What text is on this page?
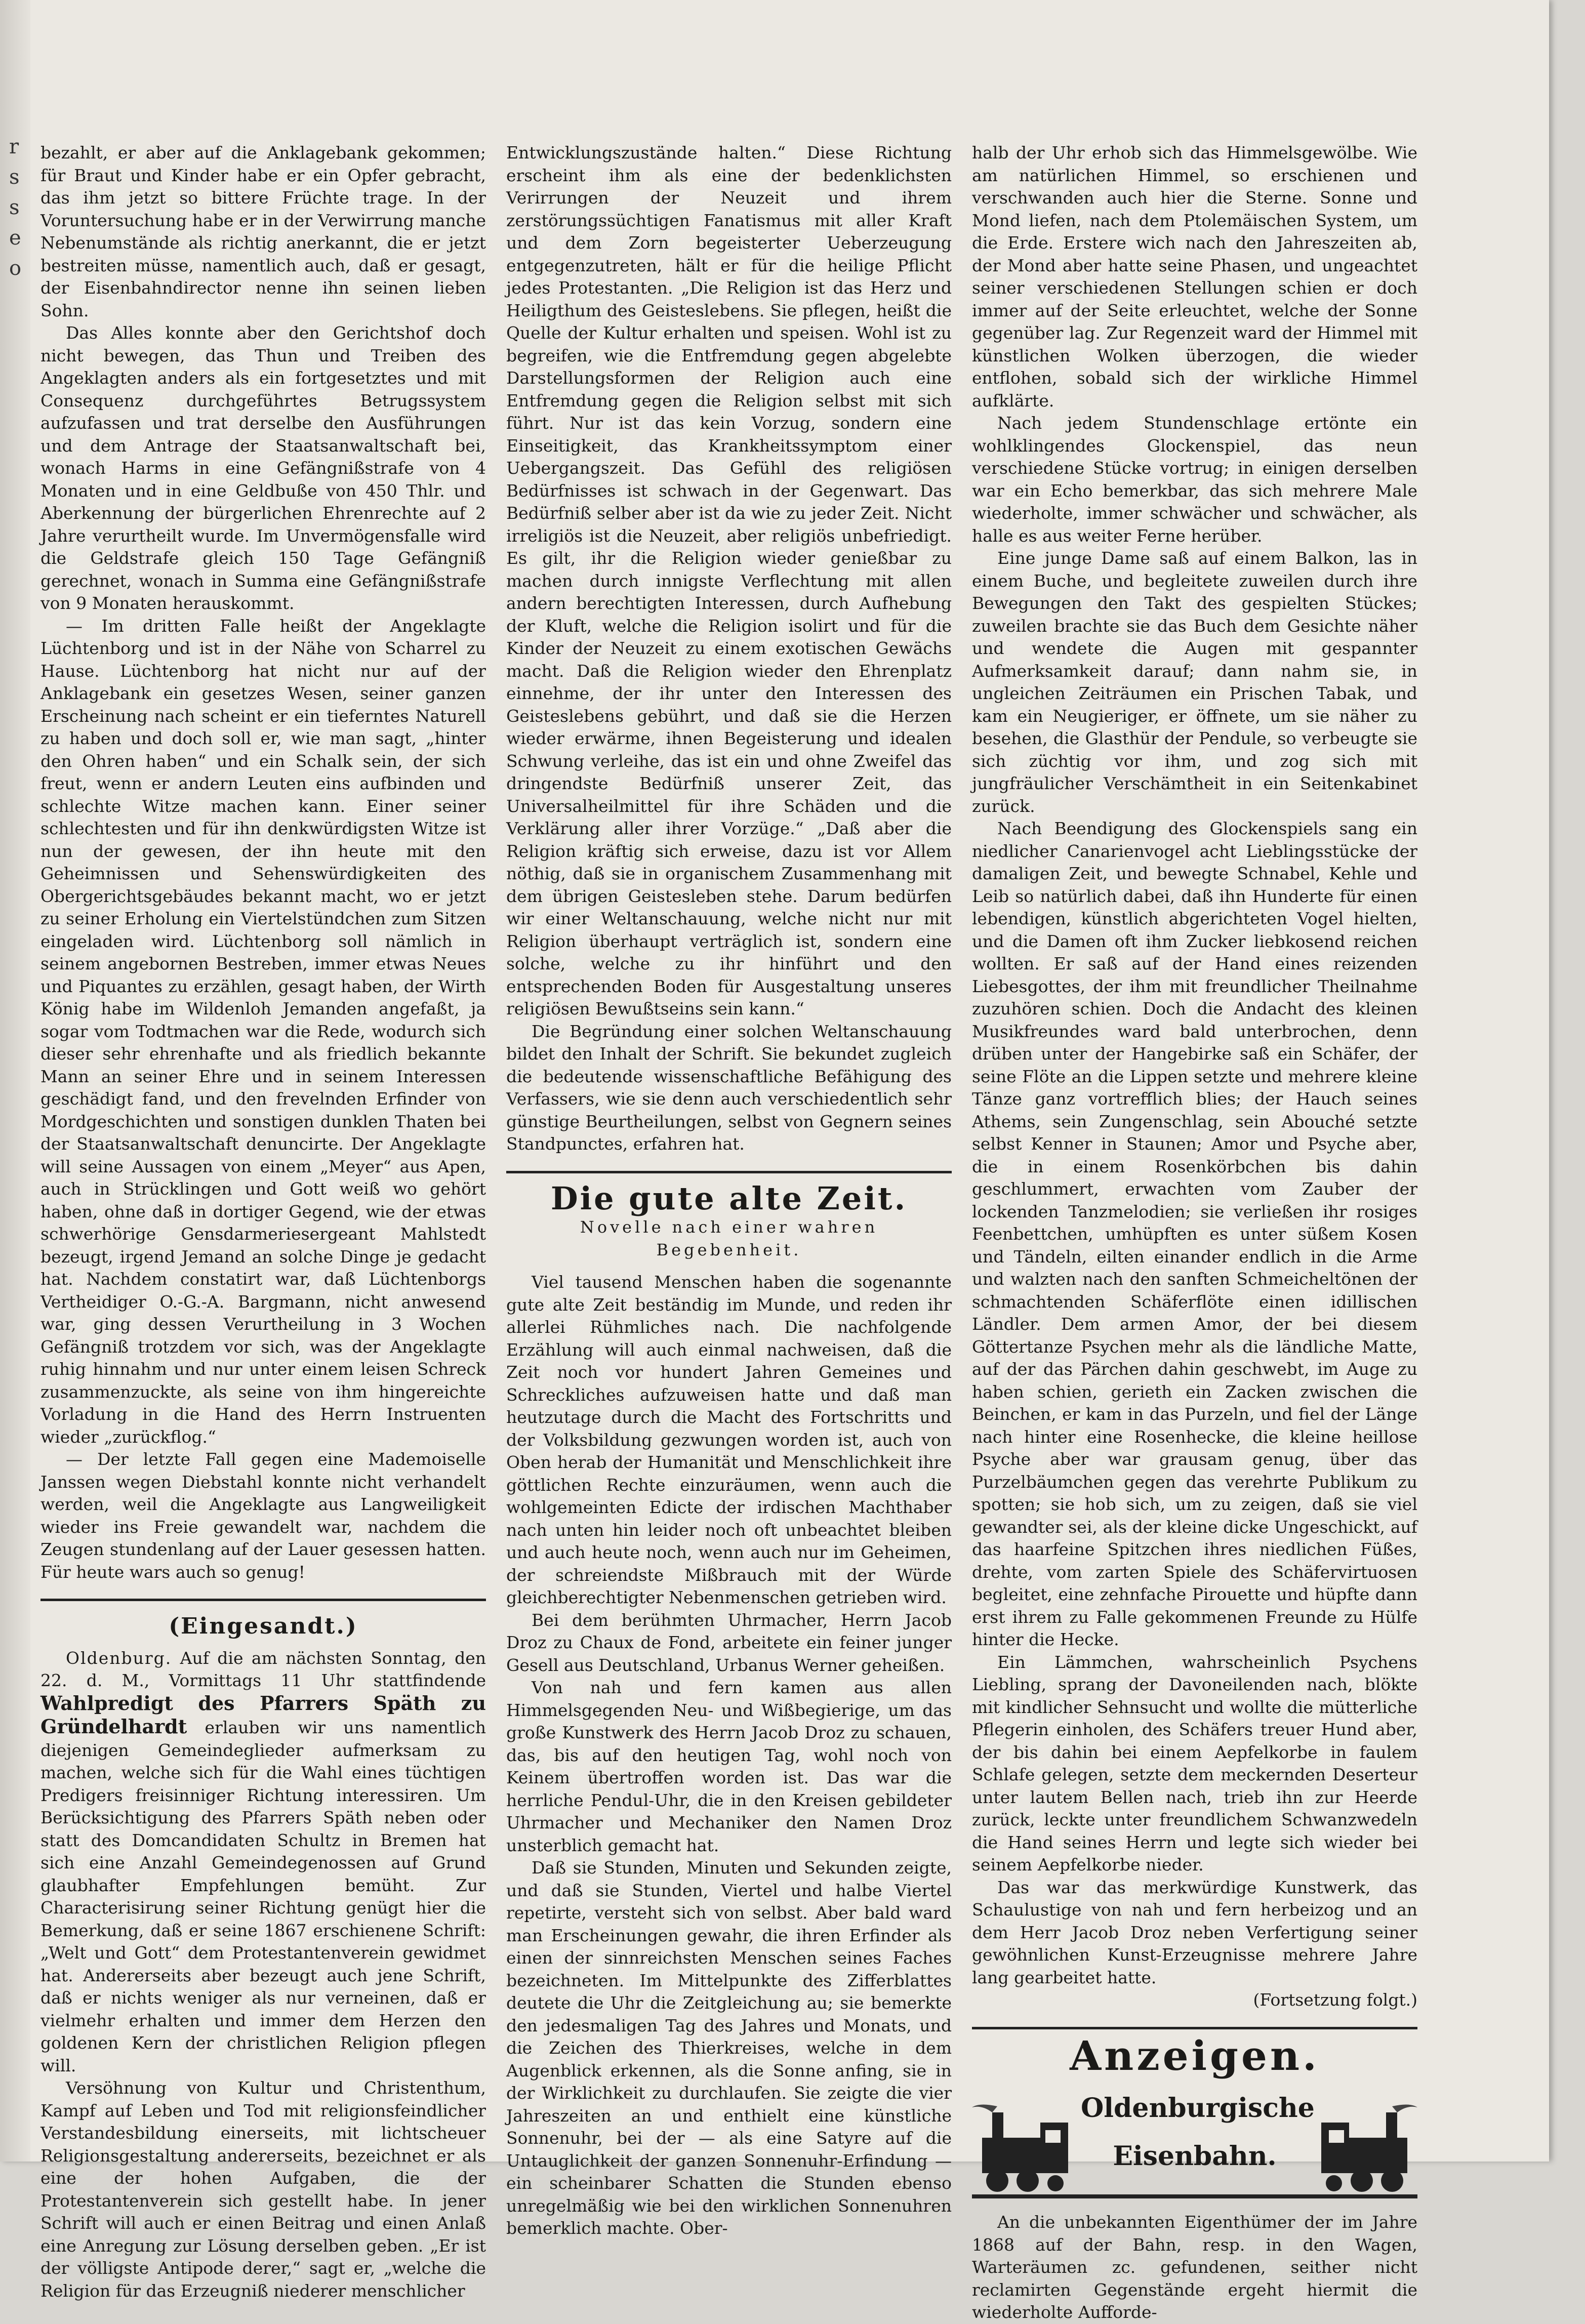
r
s
s
e
o

bezahlt, er aber auf die Anklagebank gekommen; für Braut und Kinder habe er ein Opfer gebracht, das ihm jetzt so bittere Früchte trage. In der Voruntersuchung habe er in der Verwirrung manche Nebenumstände als richtig anerkannt, die er jetzt bestreiten müsse, namentlich auch, daß er gesagt, der Eisenbahndirector nenne ihn seinen lieben Sohn.

Das Alles konnte aber den Gerichtshof doch nicht bewegen, das Thun und Treiben des Angeklagten anders als ein fortgesetztes und mit Consequenz durchgeführtes Betrugssystem aufzufassen und trat derselbe den Ausführungen und dem Antrage der Staatsanwaltschaft bei, wonach Harms in eine Gefängnißstrafe von 4 Monaten und in eine Geldbuße von 450 Thlr. und Aberkennung der bürgerlichen Ehrenrechte auf 2 Jahre verurtheilt wurde. Im Unvermögensfalle wird die Geldstrafe gleich 150 Tage Gefängniß gerechnet, wonach in Summa eine Gefängnißstrafe von 9 Monaten herauskommt.

— Im dritten Falle heißt der Angeklagte Lüchtenborg und ist in der Nähe von Scharrel zu Hause. Lüchtenborg hat nicht nur auf der Anklagebank ein gesetzes Wesen, seiner ganzen Erscheinung nach scheint er ein tieferntes Naturell zu haben und doch soll er, wie man sagt, „hinter den Ohren haben“ und ein Schalk sein, der sich freut, wenn er andern Leuten eins aufbinden und schlechte Witze machen kann. Einer seiner schlechtesten und für ihn denkwürdigsten Witze ist nun der gewesen, der ihn heute mit den Geheimnissen und Sehenswürdigkeiten des Obergerichtsgebäudes bekannt macht, wo er jetzt zu seiner Erholung ein Viertelstündchen zum Sitzen eingeladen wird. Lüchtenborg soll nämlich in seinem angebornen Bestreben, immer etwas Neues und Piquantes zu erzählen, gesagt haben, der Wirth König habe im Wildenloh Jemanden angefaßt, ja sogar vom Todtmachen war die Rede, wodurch sich dieser sehr ehrenhafte und als friedlich bekannte Mann an seiner Ehre und in seinem Interessen geschädigt fand, und den frevelnden Erfinder von Mordgeschichten und sonstigen dunklen Thaten bei der Staatsanwaltschaft denuncirte. Der Angeklagte will seine Aussagen von einem „Meyer“ aus Apen, auch in Strücklingen und Gott weiß wo gehört haben, ohne daß in dortiger Gegend, wie der etwas schwerhörige Gensdarmeriesergeant Mahlstedt bezeugt, irgend Jemand an solche Dinge je gedacht hat. Nachdem constatirt war, daß Lüchtenborgs Vertheidiger O.-G.-A. Bargmann, nicht anwesend war, ging dessen Verurtheilung in 3 Wochen Gefängniß trotzdem vor sich, was der Angeklagte ruhig hinnahm und nur unter einem leisen Schreck zusammenzuckte, als seine von ihm hingereichte Vorladung in die Hand des Herrn Instruenten wieder „zurückflog.“

— Der letzte Fall gegen eine Mademoiselle Janssen wegen Diebstahl konnte nicht verhandelt werden, weil die Angeklagte aus Langweiligkeit wieder ins Freie gewandelt war, nachdem die Zeugen stundenlang auf der Lauer gesessen hatten. Für heute wars auch so genug!

(Eingesandt.)

Oldenburg. Auf die am nächsten Sonntag, den 22. d. M., Vormittags 11 Uhr stattfindende Wahlpredigt des Pfarrers Späth zu Gründelhardt erlauben wir uns namentlich diejenigen Gemeindeglieder aufmerksam zu machen, welche sich für die Wahl eines tüchtigen Predigers freisinniger Richtung interessiren. Um Berücksichtigung des Pfarrers Späth neben oder statt des Domcandidaten Schultz in Bremen hat sich eine Anzahl Gemeindegenossen auf Grund glaubhafter Empfehlungen bemüht. Zur Characterisirung seiner Richtung genügt hier die Bemerkung, daß er seine 1867 erschienene Schrift: „Welt und Gott“ dem Protestantenverein gewidmet hat. Andererseits aber bezeugt auch jene Schrift, daß er nichts weniger als nur verneinen, daß er vielmehr erhalten und immer dem Herzen den goldenen Kern der christlichen Religion pflegen will.

Versöhnung von Kultur und Christenthum, Kampf auf Leben und Tod mit religionsfeindlicher Verstandesbildung einerseits, mit lichtscheuer Religionsgestaltung andererseits, bezeichnet er als eine der hohen Aufgaben, die der Protestantenverein sich gestellt habe. In jener Schrift will auch er einen Beitrag und einen Anlaß eine Anregung zur Lösung derselben geben. „Er ist der völligste Antipode derer,“ sagt er, „welche die Religion für das Erzeugniß niederer menschlicher

Entwicklungszustände halten.“ Diese Richtung erscheint ihm als eine der bedenklichsten Verirrungen der Neuzeit und ihrem zerstörungssüchtigen Fanatismus mit aller Kraft und dem Zorn begeisterter Ueberzeugung entgegenzutreten, hält er für die heilige Pflicht jedes Protestanten. „Die Religion ist das Herz und Heiligthum des Geisteslebens. Sie pflegen, heißt die Quelle der Kultur erhalten und speisen. Wohl ist zu begreifen, wie die Entfremdung gegen abgelebte Darstellungsformen der Religion auch eine Entfremdung gegen die Religion selbst mit sich führt. Nur ist das kein Vorzug, sondern eine Einseitigkeit, das Krankheitssymptom einer Uebergangszeit. Das Gefühl des religiösen Bedürfnisses ist schwach in der Gegenwart. Das Bedürfniß selber aber ist da wie zu jeder Zeit. Nicht irreligiös ist die Neuzeit, aber religiös unbefriedigt. Es gilt, ihr die Religion wieder genießbar zu machen durch innigste Verflechtung mit allen andern berechtigten Interessen, durch Aufhebung der Kluft, welche die Religion isolirt und für die Kinder der Neuzeit zu einem exotischen Gewächs macht. Daß die Religion wieder den Ehrenplatz einnehme, der ihr unter den Interessen des Geisteslebens gebührt, und daß sie die Herzen wieder erwärme, ihnen Begeisterung und idealen Schwung verleihe, das ist ein und ohne Zweifel das dringendste Bedürfniß unserer Zeit, das Universalheilmittel für ihre Schäden und die Verklärung aller ihrer Vorzüge.“ „Daß aber die Religion kräftig sich erweise, dazu ist vor Allem nöthig, daß sie in organischem Zusammenhang mit dem übrigen Geistesleben stehe. Darum bedürfen wir einer Weltanschauung, welche nicht nur mit Religion überhaupt verträglich ist, sondern eine solche, welche zu ihr hinführt und den entsprechenden Boden für Ausgestaltung unseres religiösen Bewußtseins sein kann.“

Die Begründung einer solchen Weltanschauung bildet den Inhalt der Schrift. Sie bekundet zugleich die bedeutende wissenschaftliche Befähigung des Verfassers, wie sie denn auch verschiedentlich sehr günstige Beurtheilungen, selbst von Gegnern seines Standpunctes, erfahren hat.

Die gute alte Zeit.
Novelle nach einer wahren Begebenheit.

Viel tausend Menschen haben die sogenannte gute alte Zeit beständig im Munde, und reden ihr allerlei Rühmliches nach. Die nachfolgende Erzählung will auch einmal nachweisen, daß die Zeit noch vor hundert Jahren Gemeines und Schreckliches aufzuweisen hatte und daß man heutzutage durch die Macht des Fortschritts und der Volksbildung gezwungen worden ist, auch von Oben herab der Humanität und Menschlichkeit ihre göttlichen Rechte einzuräumen, wenn auch die wohlgemeinten Edicte der irdischen Machthaber nach unten hin leider noch oft unbeachtet bleiben und auch heute noch, wenn auch nur im Geheimen, der schreiendste Mißbrauch mit der Würde gleichberechtigter Nebenmenschen getrieben wird.

Bei dem berühmten Uhrmacher, Herrn Jacob Droz zu Chaux de Fond, arbeitete ein feiner junger Gesell aus Deutschland, Urbanus Werner geheißen.

Von nah und fern kamen aus allen Himmelsgegenden Neu- und Wißbegierige, um das große Kunstwerk des Herrn Jacob Droz zu schauen, das, bis auf den heutigen Tag, wohl noch von Keinem übertroffen worden ist. Das war die herrliche Pendul-Uhr, die in den Kreisen gebildeter Uhrmacher und Mechaniker den Namen Droz unsterblich gemacht hat.

Daß sie Stunden, Minuten und Sekunden zeigte, und daß sie Stunden, Viertel und halbe Viertel repetirte, versteht sich von selbst. Aber bald ward man Erscheinungen gewahr, die ihren Erfinder als einen der sinnreichsten Menschen seines Faches bezeichneten. Im Mittelpunkte des Zifferblattes deutete die Uhr die Zeitgleichung au; sie bemerkte den jedesmaligen Tag des Jahres und Monats, und die Zeichen des Thierkreises, welche in dem Augenblick erkennen, als die Sonne anfing, sie in der Wirklichkeit zu durchlaufen. Sie zeigte die vier Jahreszeiten an und enthielt eine künstliche Sonnenuhr, bei der — als eine Satyre auf die Untauglichkeit der ganzen Sonnenuhr-Erfindung — ein scheinbarer Schatten die Stunden ebenso unregelmäßig wie bei den wirklichen Sonnenuhren bemerklich machte. Ober-

halb der Uhr erhob sich das Himmelsgewölbe. Wie am natürlichen Himmel, so erschienen und verschwanden auch hier die Sterne. Sonne und Mond liefen, nach dem Ptolemäischen System, um die Erde. Erstere wich nach den Jahreszeiten ab, der Mond aber hatte seine Phasen, und ungeachtet seiner verschiedenen Stellungen schien er doch immer auf der Seite erleuchtet, welche der Sonne gegenüber lag. Zur Regenzeit ward der Himmel mit künstlichen Wolken überzogen, die wieder entflohen, sobald sich der wirkliche Himmel aufklärte.

Nach jedem Stundenschlage ertönte ein wohlklingendes Glockenspiel, das neun verschiedene Stücke vortrug; in einigen derselben war ein Echo bemerkbar, das sich mehrere Male wiederholte, immer schwächer und schwächer, als halle es aus weiter Ferne herüber.

Eine junge Dame saß auf einem Balkon, las in einem Buche, und begleitete zuweilen durch ihre Bewegungen den Takt des gespielten Stückes; zuweilen brachte sie das Buch dem Gesichte näher und wendete die Augen mit gespannter Aufmerksamkeit darauf; dann nahm sie, in ungleichen Zeiträumen ein Prischen Tabak, und kam ein Neugieriger, er öffnete, um sie näher zu besehen, die Glasthür der Pendule, so verbeugte sie sich züchtig vor ihm, und zog sich mit jungfräulicher Verschämtheit in ein Seitenkabinet zurück.

Nach Beendigung des Glockenspiels sang ein niedlicher Canarienvogel acht Lieblingsstücke der damaligen Zeit, und bewegte Schnabel, Kehle und Leib so natürlich dabei, daß ihn Hunderte für einen lebendigen, künstlich abgerichteten Vogel hielten, und die Damen oft ihm Zucker liebkosend reichen wollten. Er saß auf der Hand eines reizenden Liebesgottes, der ihm mit freundlicher Theilnahme zuzuhören schien. Doch die Andacht des kleinen Musikfreundes ward bald unterbrochen, denn drüben unter der Hangebirke saß ein Schäfer, der seine Flöte an die Lippen setzte und mehrere kleine Tänze ganz vortrefflich blies; der Hauch seines Athems, sein Zungenschlag, sein Abouché setzte selbst Kenner in Staunen; Amor und Psyche aber, die in einem Rosenkörbchen bis dahin geschlummert, erwachten vom Zauber der lockenden Tanzmelodien; sie verließen ihr rosiges Feenbettchen, umhüpften es unter süßem Kosen und Tändeln, eilten einander endlich in die Arme und walzten nach den sanften Schmeicheltönen der schmachtenden Schäferflöte einen idillischen Ländler. Dem armen Amor, der bei diesem Göttertanze Psychen mehr als die ländliche Matte, auf der das Pärchen dahin geschwebt, im Auge zu haben schien, gerieth ein Zacken zwischen die Beinchen, er kam in das Purzeln, und fiel der Länge nach hinter eine Rosenhecke, die kleine heillose Psyche aber war grausam genug, über das Purzelbäumchen gegen das verehrte Publikum zu spotten; sie hob sich, um zu zeigen, daß sie viel gewandter sei, als der kleine dicke Ungeschickt, auf das haarfeine Spitzchen ihres niedlichen Füßes, drehte, vom zarten Spiele des Schäfervirtuosen begleitet, eine zehnfache Pirouette und hüpfte dann erst ihrem zu Falle gekommenen Freunde zu Hülfe hinter die Hecke.

Ein Lämmchen, wahrscheinlich Psychens Liebling, sprang der Davoneilenden nach, blökte mit kindlicher Sehnsucht und wollte die mütterliche Pflegerin einholen, des Schäfers treuer Hund aber, der bis dahin bei einem Aepfelkorbe in faulem Schlafe gelegen, setzte dem meckernden Deserteur unter lautem Bellen nach, trieb ihn zur Heerde zurück, leckte unter freundlichem Schwanzwedeln die Hand seines Herrn und legte sich wieder bei seinem Aepfelkorbe nieder.

Das war das merkwürdige Kunstwerk, das Schaulustige von nah und fern herbeizog und an dem Herr Jacob Droz neben Verfertigung seiner gewöhnlichen Kunst-Erzeugnisse mehrere Jahre lang gearbeitet hatte.

(Fortsetzung folgt.)

Anzeigen.
Oldenburgische
Eisenbahn.

An die unbekannten Eigenthümer der im Jahre 1868 auf der Bahn, resp. in den Wagen, Warteräumen zc. gefundenen, seither nicht reclamirten Gegenstände ergeht hiermit die wiederholte Aufforde-
